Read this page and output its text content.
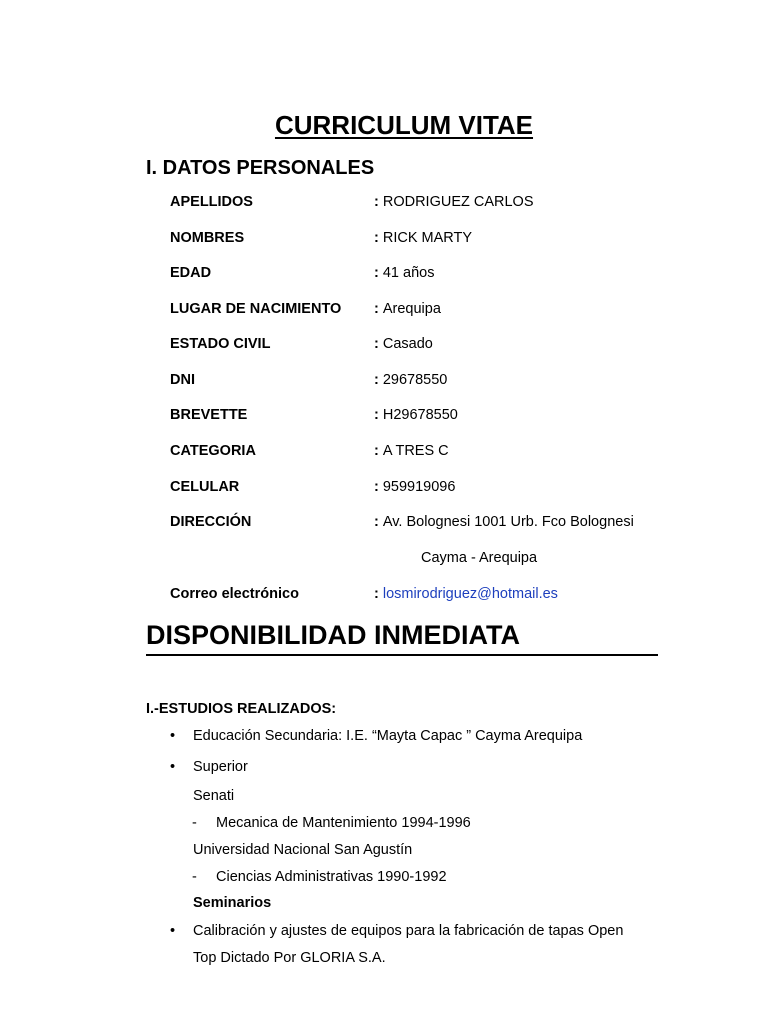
CURRICULUM VITAE
I. DATOS PERSONALES
APELLIDOS	: RODRIGUEZ CARLOS
NOMBRES	: RICK MARTY
EDAD	: 41 años
LUGAR DE NACIMIENTO : Arequipa
ESTADO CIVIL	: Casado
DNI	: 29678550
BREVETTE	: H29678550
CATEGORIA	: A TRES C
CELULAR	: 959919096
DIRECCIÓN	: Av. Bolognesi 1001 Urb. Fco Bolognesi
Cayma - Arequipa
Correo electrónico	: losmirodriguez@hotmail.es
DISPONIBILIDAD INMEDIATA
I.-ESTUDIOS REALIZADOS:
• Educación Secundaria: I.E. “Mayta Capac ” Cayma Arequipa
• Superior
Senati
- Mecanica de Mantenimiento 1994-1996
Universidad Nacional San Agustín
- Ciencias Administrativas 1990-1992
Seminarios
• Calibración y ajustes de equipos para la fabricación de tapas Open
Top Dictado Por GLORIA S.A.
